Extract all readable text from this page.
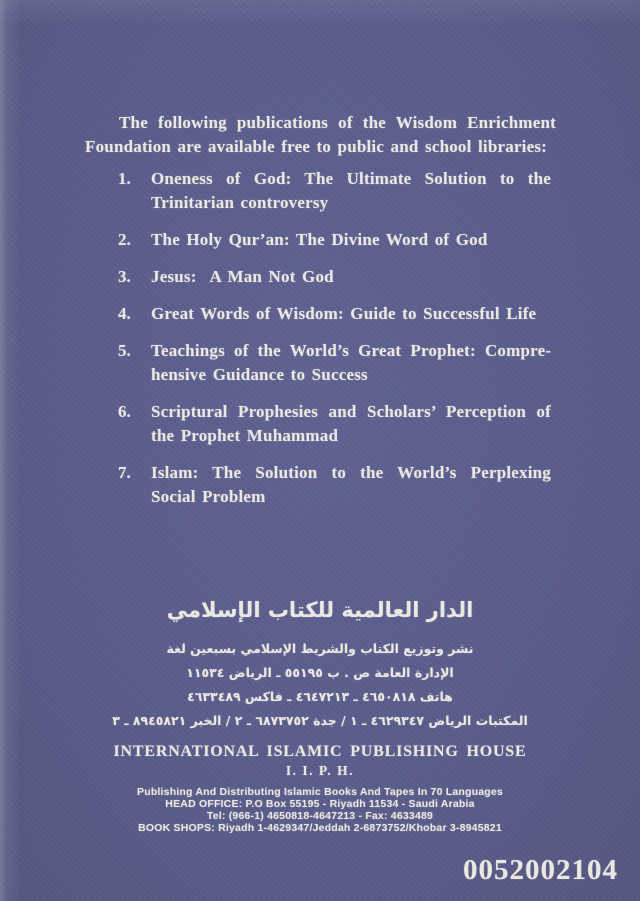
The following publications of the Wisdom Enrichment Foundation are available free to public and school libraries:

1.	Oneness of God: The Ultimate Solution to the Trinitarian controversy
2.	The Holy Qur’an: The Divine Word of God
3.	Jesus:  A Man Not God
4.	Great Words of Wisdom: Guide to Successful Life
5.	Teachings of the World’s Great Prophet: Comprehensive Guidance to Success
6.	Scriptural Prophesies and Scholars’ Perception of the Prophet Muhammad
7.	Islam: The Solution to the World’s Perplexing Social Problem
الدار العالمية للكتاب الإسلامي
نشر وتوزيع الكتاب والشريط الإسلامي بسبعين لغة
الإدارة العامة ص . ب ٥٥١٩٥ ـ الرياض ١١٥٣٤
هاتف ٤٦٥٠٨١٨ ـ ٤٦٤٧٢١٣ ـ فاكس ٤٦٣٣٤٨٩
المكتبات الرياض ٤٦٢٩٣٤٧ ـ ١ / جدة ٦٨٧٣٧٥٢ ـ ٢ / الخبر ٨٩٤٥٨٢١ ـ ٣
INTERNATIONAL ISLAMIC PUBLISHING HOUSE
I. I. P. H.
Publishing And Distributing Islamic Books And Tapes In 70 Languages
HEAD OFFICE: P.O Box 55195 - Riyadh 11534 - Saudi Arabia
Tel: (966-1) 4650818-4647213 - Fax: 4633489
BOOK SHOPS: Riyadh 1-4629347/Jeddah 2-6873752/Khobar 3-8945821
0052002104
